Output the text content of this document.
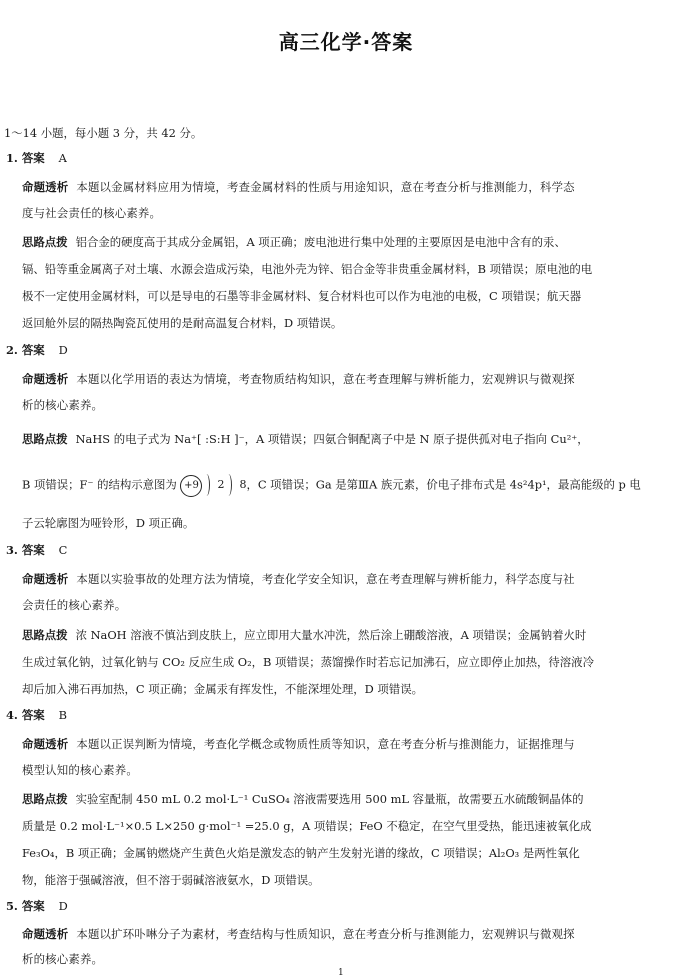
高三化学·答案
1～14 小题，每小题 3 分，共 42 分。
1. 答案 A
命题透析 本题以金属材料应用为情境，考查金属材料的性质与用途知识，意在考查分析与推测能力，科学态
度与社会责任的核心素养。
思路点拨 铝合金的硬度高于其成分金属铝，A 项正确；废电池进行集中处理的主要原因是电池中含有的汞、
镉、铅等重金属离子对土壤、水源会造成污染，电池外壳为锌、铝合金等非贵重金属材料，B 项错误；原电池的电
极不一定使用金属材料，可以是导电的石墨等非金属材料、复合材料也可以作为电池的电极，C 项错误；航天器
返回舱外层的隔热陶瓷瓦使用的是耐高温复合材料，D 项错误。
2. 答案 D
命题透析 本题以化学用语的表达为情境，考查物质结构知识，意在考查理解与辨析能力，宏观辨识与微观探
析的核心素养。
思路点拨 NaHS 的电子式为 Na⁺[ :S:H ]⁻，A 项错误；四氨合铜配离子中是 N 原子提供孤对电子指向 Cu²⁺，
B 项错误；F⁻ 的结构示意图为 +9 2 8，C 项错误；Ga 是第ⅢA 族元素，价电子排布式是 4s²4p¹，最高能级的 p 电
子云轮廓图为哑铃形，D 项正确。
3. 答案 C
命题透析 本题以实验事故的处理方法为情境，考查化学安全知识，意在考查理解与辨析能力，科学态度与社
会责任的核心素养。
思路点拨 浓 NaOH 溶液不慎沾到皮肤上，应立即用大量水冲洗，然后涂上硼酸溶液，A 项错误；金属钠着火时
生成过氧化钠，过氧化钠与 CO₂ 反应生成 O₂，B 项错误；蒸馏操作时若忘记加沸石，应立即停止加热，待溶液冷
却后加入沸石再加热，C 项正确；金属汞有挥发性，不能深埋处理，D 项错误。
4. 答案 B
命题透析 本题以正误判断为情境，考查化学概念或物质性质等知识，意在考查分析与推测能力，证据推理与
模型认知的核心素养。
思路点拨 实验室配制 450 mL 0.2 mol·L⁻¹ CuSO₄ 溶液需要选用 500 mL 容量瓶，故需要五水硫酸铜晶体的
质量是 0.2 mol·L⁻¹×0.5 L×250 g·mol⁻¹ =25.0 g，A 项错误；FeO 不稳定，在空气里受热，能迅速被氧化成
Fe₃O₄，B 项正确；金属钠燃烧产生黄色火焰是激发态的钠产生发射光谱的缘故，C 项错误；Al₂O₃ 是两性氧化
物，能溶于强碱溶液，但不溶于弱碱溶液氨水，D 项错误。
5. 答案 D
命题透析 本题以扩环卟啉分子为素材，考查结构与性质知识，意在考查分析与推测能力，宏观辨识与微观探
析的核心素养。
1
